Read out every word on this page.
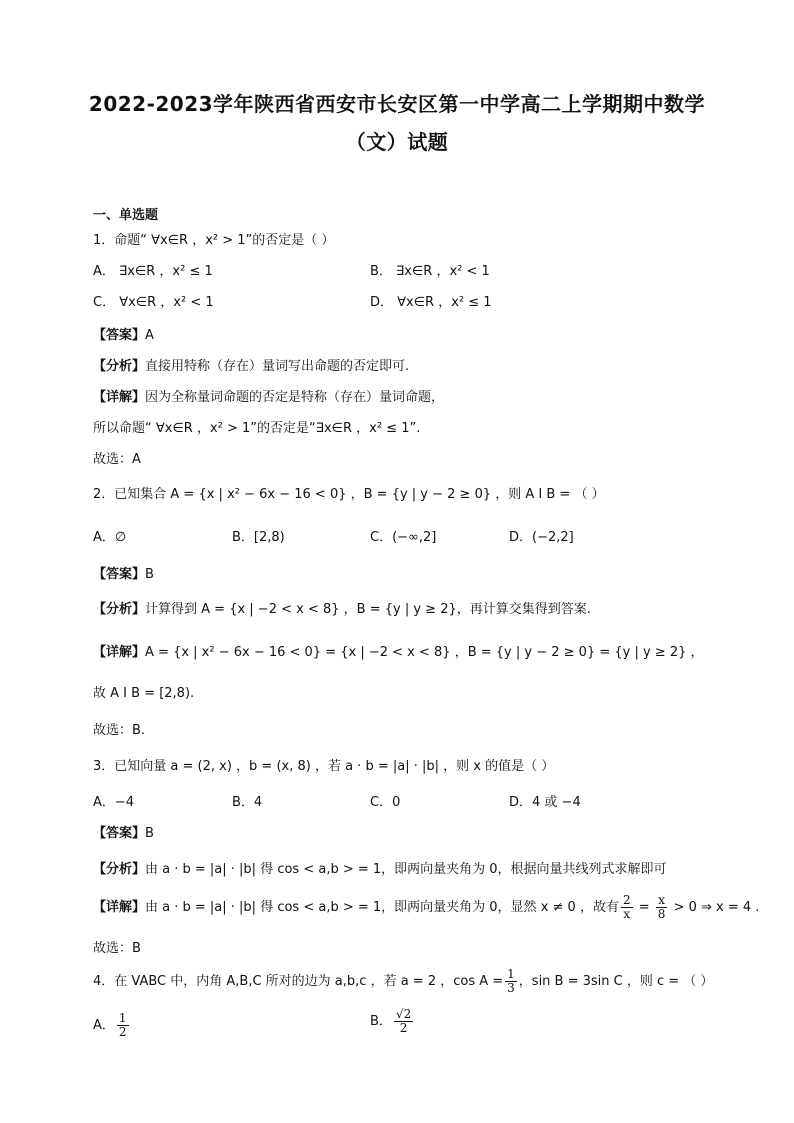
2022-2023学年陕西省西安市长安区第一中学高二上学期期中数学
（文）试题
一、单选题
1．命题“ ∀x∈R ，x² > 1”的否定是（ ）
A． ∃x∈R ，x² ≤ 1	B． ∃x∈R ，x² < 1
C． ∀x∈R ，x² < 1	D． ∀x∈R ，x² ≤ 1
【答案】A
【分析】直接用特称（存在）量词写出命题的否定即可.
【详解】因为全称量词命题的否定是特称（存在）量词命题，
所以命题“ ∀x∈R ，x² > 1”的否定是“∃x∈R ，x² ≤ 1”.
故选：A
2．已知集合 A = {x | x² − 6x − 16 < 0} ，B = {y | y − 2 ≥ 0} ，则 A I B = （ ）
A．∅	B．[2,8)	C．(−∞,2]	D．(−2,2]
【答案】B
【分析】计算得到 A = {x | −2 < x < 8} ，B = {y | y ≥ 2}，再计算交集得到答案.
【详解】A = {x | x² − 6x − 16 < 0} = {x | −2 < x < 8} ，B = {y | y − 2 ≥ 0} = {y | y ≥ 2} ，
故 A I B = [2,8).
故选：B.
3．已知向量 a = (2, x) ，b = (x, 8) ，若 a · b = |a| · |b| ，则 x 的值是（ ）
A．−4	B．4	C．0	D．4 或 −4
【答案】B
【分析】由 a · b = |a| · |b| 得 cos < a,b > = 1，即两向量夹角为 0，根据向量共线列式求解即可
【详解】由 a · b = |a| · |b| 得 cos < a,b > = 1，即两向量夹角为 0，显然 x ≠ 0 ，故有 $\frac{2}{x} = \frac{x}{8} > 0$ ⇒ x = 4 .
故选：B
4．在 VABC 中，内角 A,B,C 所对的边为 a,b,c ，若 a = 2 ，$\cos A = \frac{1}{3}$ ，sin B = 3sin C ，则 c = （ ）
A． $\frac{1}{2}$	B． $\frac{√2}{2}$
